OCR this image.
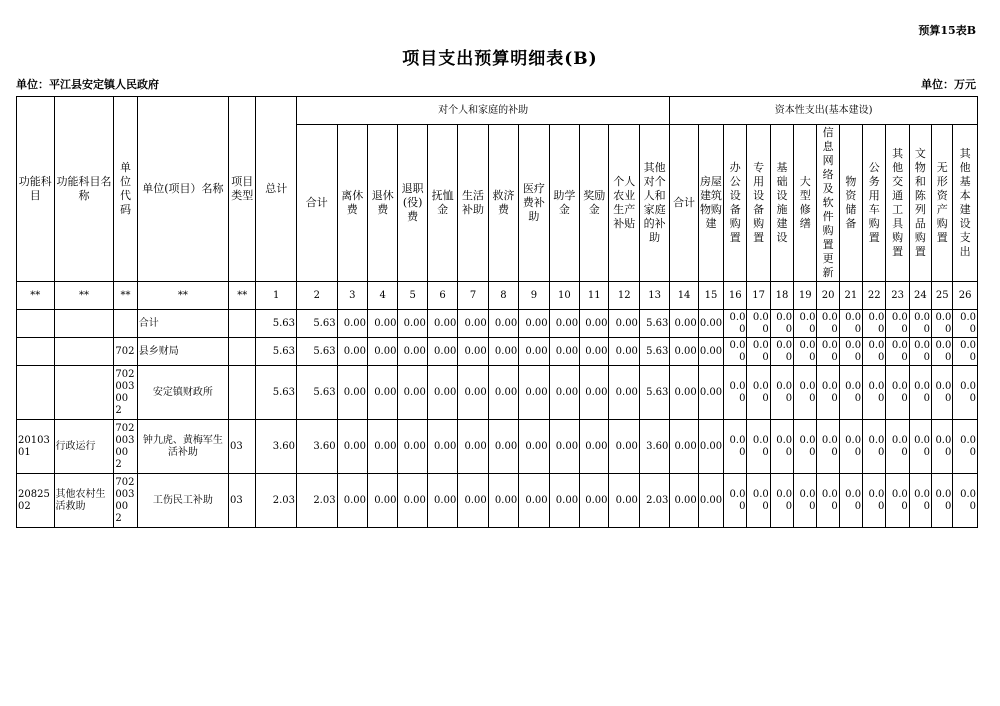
预算15表B
项目支出预算明细表(B)
单位：平江县安定镇人民政府	单位：万元
功能科目	功能科目名称	单位代码	单位(项目）名称	项目类型	总计	对个人和家庭的补助												资本性支出(基本建设)												
						合计	离休费	退休费	退职(役)费	抚恤金	生活补助	救济费	医疗费补助	助学金	奖励金	个人农业生产补贴	其他对个人和家庭的补助	合计	房屋建筑物购建	办公设备购置	专用设备购置	基础设施建设	大型修缮	信息网络及软件购置更新	物资储备	公务用车购置	其他交通工具购置	文物和陈列品购置	无形资产购置	其他基本建设支出
**	**	**	**	**	1	2	3	4	5	6	7	8	9	10	11	12	13	14	15	16	17	18	19	20	21	22	23	24	25	26
			合计		5.63	5.63	0.00	0.00	0.00	0.00	0.00	0.00	0.00	0.00	0.00	0.00	5.63	0.00	0.00	0.00	0.00	0.00	0.00	0.00	0.00	0.00	0.00	0.00	0.00	0.00
		702	县乡财局		5.63	5.63	0.00	0.00	0.00	0.00	0.00	0.00	0.00	0.00	0.00	0.00	5.63	0.00	0.00	0.00	0.00	0.00	0.00	0.00	0.00	0.00	0.00	0.00	0.00	0.00
		70200300 2	安定镇财政所		5.63	5.63	0.00	0.00	0.00	0.00	0.00	0.00	0.00	0.00	0.00	0.00	5.63	0.00	0.00	0.00	0.00	0.00	0.00	0.00	0.00	0.00	0.00	0.00	0.00	0.00
2010301	行政运行	70200300 2	钟九虎、黄梅军生活补助	03	3.60	3.60	0.00	0.00	0.00	0.00	0.00	0.00	0.00	0.00	0.00	0.00	3.60	0.00	0.00	0.00	0.00	0.00	0.00	0.00	0.00	0.00	0.00	0.00	0.00	0.00
2082502	其他农村生活救助	70200300 2	工伤民工补助	03	2.03	2.03	0.00	0.00	0.00	0.00	0.00	0.00	0.00	0.00	0.00	0.00	2.03	0.00	0.00	0.00	0.00	0.00	0.00	0.00	0.00	0.00	0.00	0.00	0.00	0.00
